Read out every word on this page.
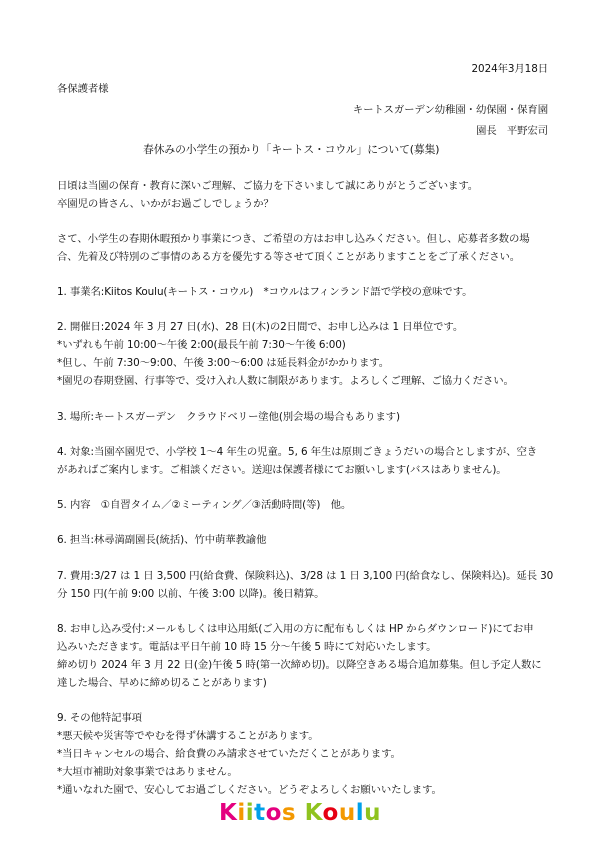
2024年3月18日
各保護者様
キートスガーデン幼稚園・幼保園・保育園
園長　平野宏司
春休みの小学生の預かり「キートス・コウル」について(募集)
日頃は当園の保育・教育に深いご理解、ご協力を下さいまして誠にありがとうございます。
卒園児の皆さん、いかがお過ごしでしょうか？
さて、小学生の春期休暇預かり事業につき、ご希望の方はお申し込みください。但し、応募者多数の場
合、先着及び特別のご事情のある方を優先する等させて頂くことがありますことをご了承ください。
1. 事業名:Kiitos Koulu(キートス・コウル)　*コウルはフィンランド語で学校の意味です。
2. 開催日:2024 年 3 月 27 日(水)、28 日(木)の2日間で、お申し込みは 1 日単位です。
*いずれも午前 10:00～午後 2:00(最長午前 7:30～午後 6:00)
*但し、午前 7:30～9:00、午後 3:00～6:00 は延長料金がかかります。
*園児の春期登園、行事等で、受け入れ人数に制限があります。よろしくご理解、ご協力ください。
3. 場所:キートスガーデン　クラウドベリー塗他(別会場の場合もあります)
4. 対象:当園卒園児で、小学校 1～4 年生の児童。5, 6 年生は原則ごきょうだいの場合としますが、空き
があればご案内します。ご相談ください。送迎は保護者様にてお願いします(バスはありません)。
5. 内容　①自習タイム／②ミーティング／③活動時間(等)　他。
6. 担当:林尋満副園長(統括)、竹中萌華教諭他
7. 費用:3/27 は 1 日 3,500 円(給食費、保険料込)、3/28 は 1 日 3,100 円(給食なし、保険料込)。延長 30
分 150 円(午前 9:00 以前、午後 3:00 以降)。後日精算。
8. お申し込み受付:メールもしくは申込用紙(ご入用の方に配布もしくは HP からダウンロード)にてお申
込みいただきます。電話は平日午前 10 時 15 分～午後 5 時にて対応いたします。
締め切り 2024 年 3 月 22 日(金)午後 5 時(第一次締め切)。以降空きある場合追加募集。但し予定人数に
達した場合、早めに締め切ることがあります)
9. その他特記事項
*悪天候や災害等でやむを得ず休講することがあります。
*当日キャンセルの場合、給食費のみ請求させていただくことがあります。
*大垣市補助対象事業ではありません。
*通いなれた園で、安心してお過ごしください。どうぞよろしくお願いいたします。
Kiitos Koulu
